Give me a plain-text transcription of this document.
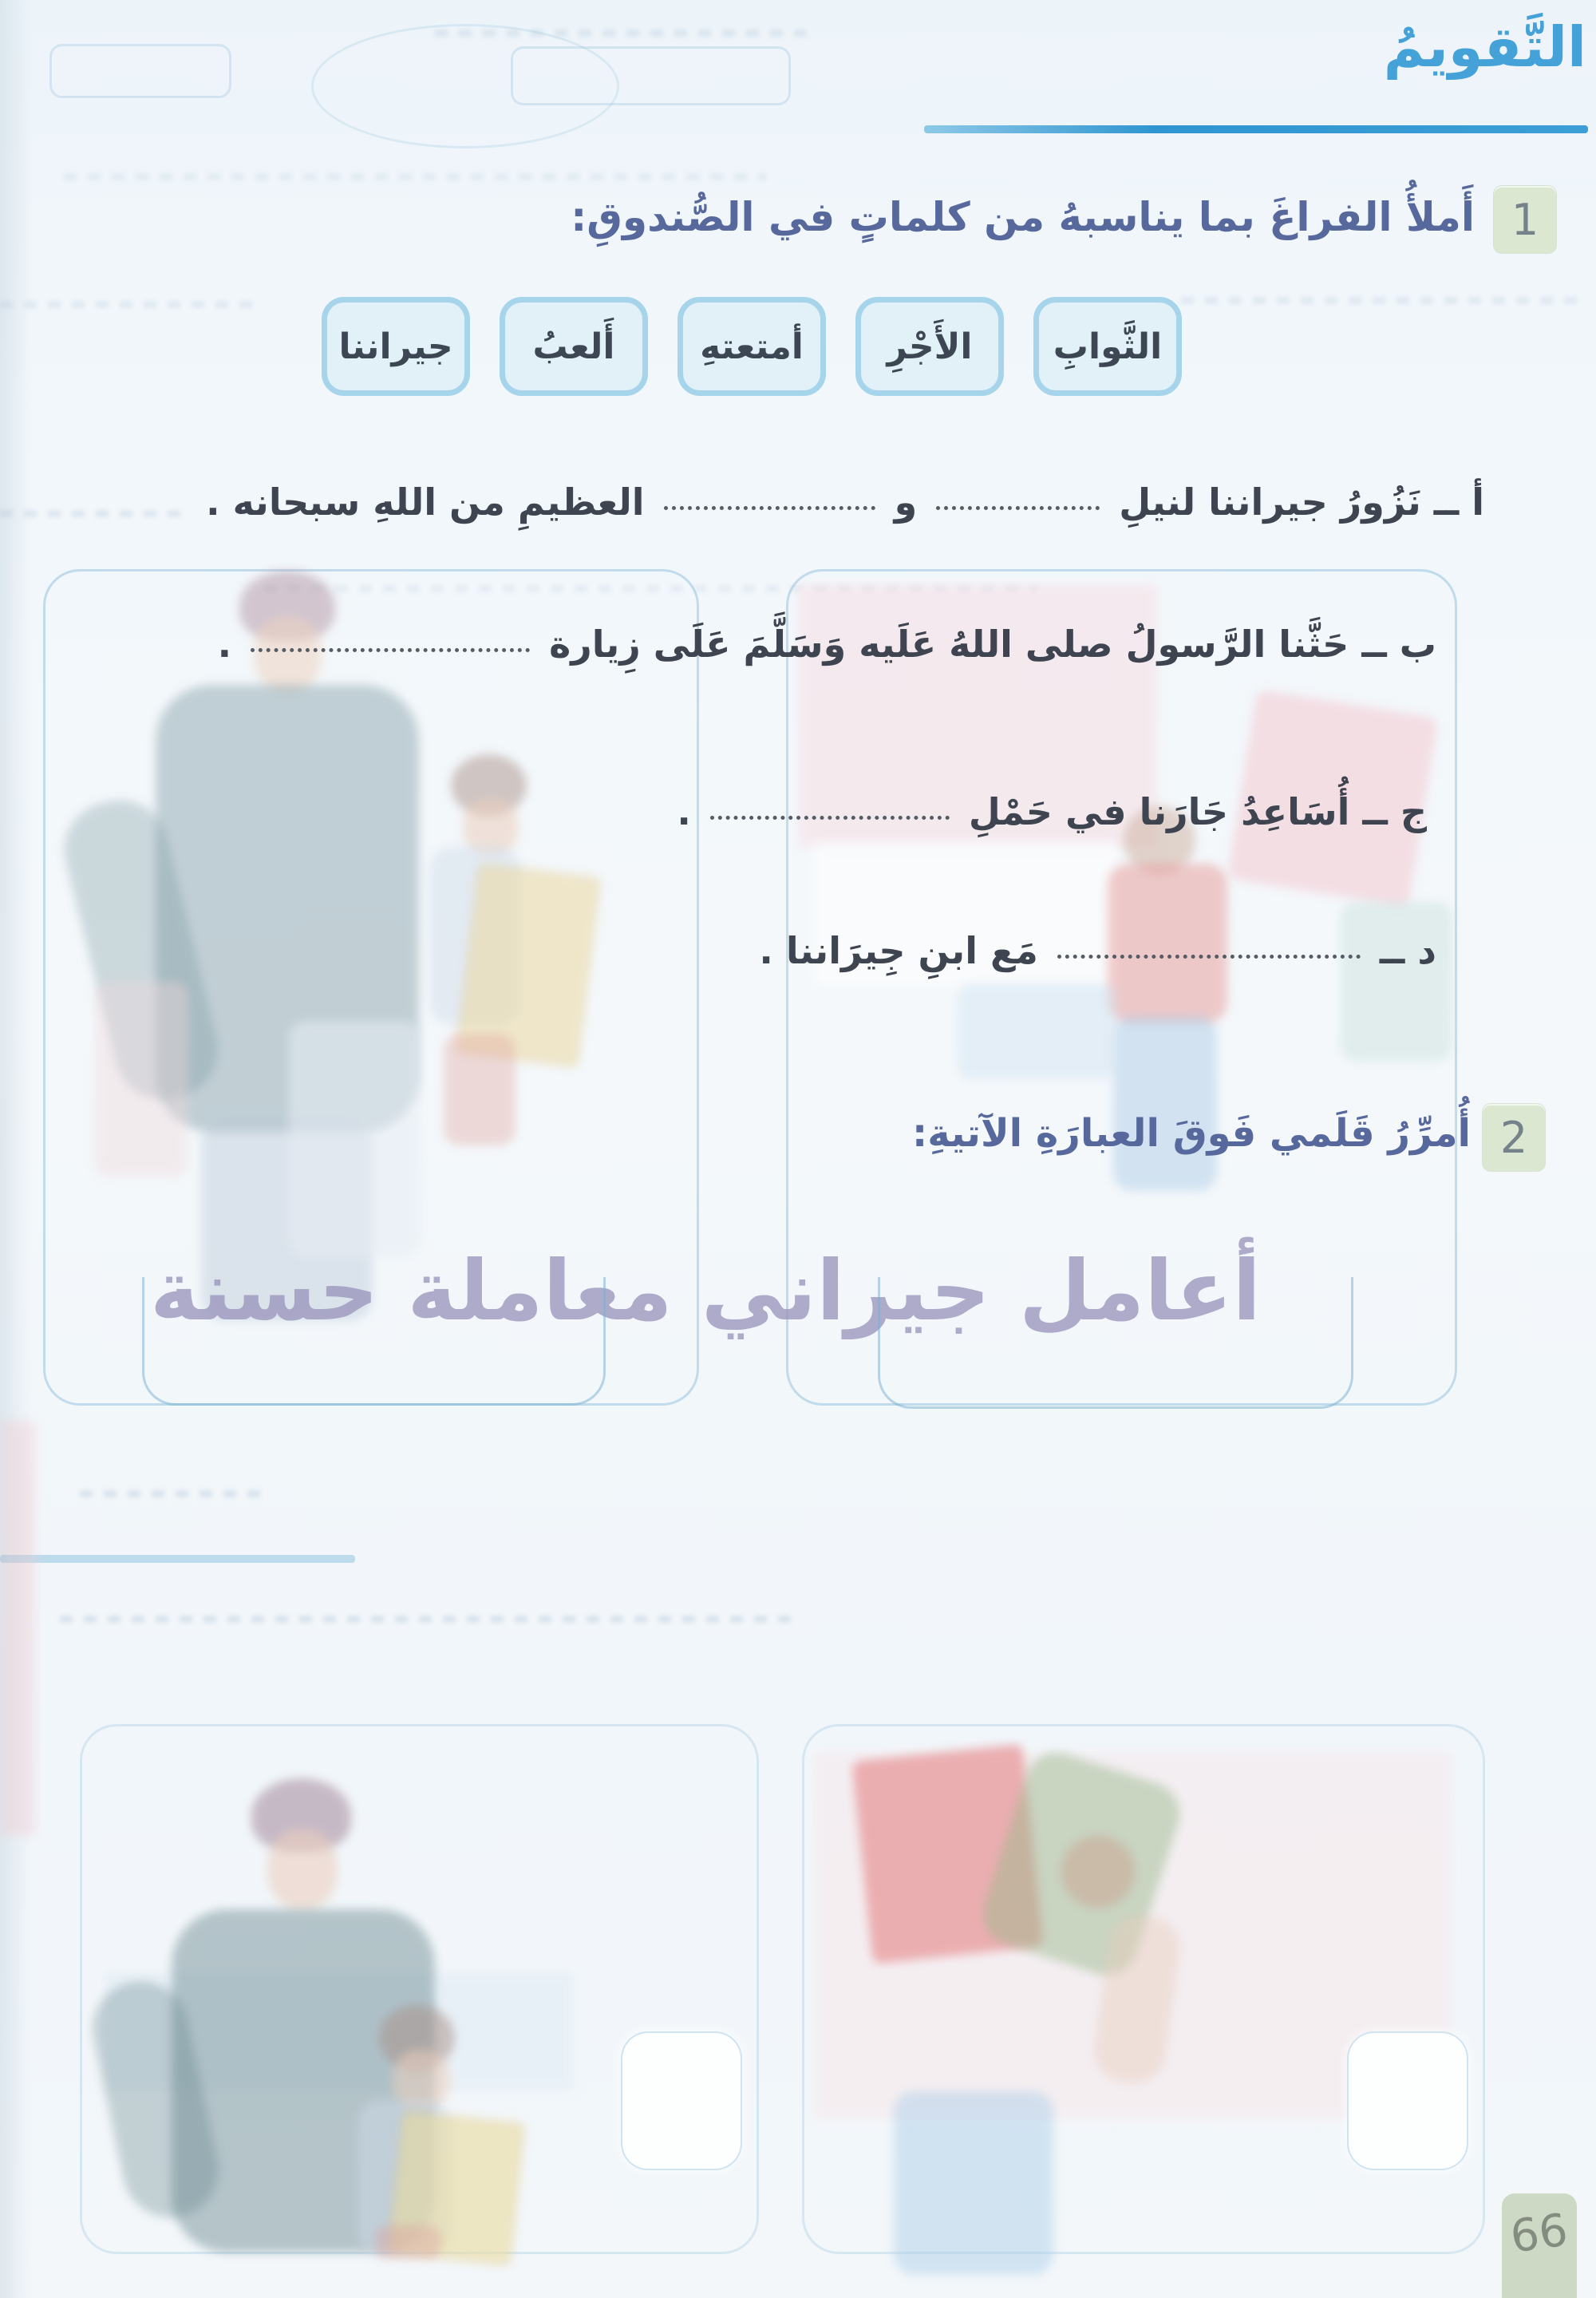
التَّقويمُ
1
أَملأُ الفراغَ بما يناسبهُ من كلماتٍ في الصُّندوقِ:
الثَّوابِ
الأَجْرِ
أمتعتهِ
أَلعبُ
جيراننا
أ ــ نَزُورُ جيراننا لنيلِ  و  العظيمِ من اللهِ سبحانه .
ب ــ حَثَّنا الرَّسولُ صلى اللهُ عَلَيه وَسَلَّمَ عَلَى زِيارة  .
ج ــ أُسَاعِدُ جَارَنا في حَمْلِ  .
د ــ  مَع ابنِ جِيرَاننا .
2
أُمرِّرُ قَلَمي فَوقَ العبارَةِ الآتيةِ:
أعامل جيراني معاملة حسنة
66
